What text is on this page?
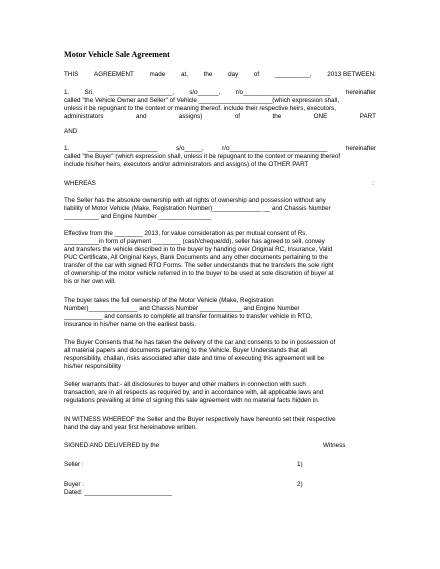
Motor Vehicle Sale Agreement
THIS AGREEMENT made at, the day of __________, 2013 BETWEEN:
1. Sri. __________________, s/o______, r/o_________________________ hereinafter
called "the Vehicle Owner and Seller" of Vehicle _____________________(which expression shall,
unless it be repugnant to the context or meaning thereof, include their respective heirs, executors,
administrators	and	assigns)	of	the	ONE	PART
AND
1.	____________________	s/o_____,	r/o____________________________	hereinafter
called "the Buyer" (which expression shall, unless it be repugnant to the context or meaning thereof
include his/her heirs, executors and/or administrators and assigns) of the OTHER PART
WHEREAS	:
The Seller has the absolute ownership with all rights of ownership and possession without any
liability of Motor Vehicle (Make, Registration Number)______________ __ and Chassis Number
__________ and Engine Number _______________
Effective from the ________ 2013, for value consideration as per mutual consent of Rs.
__________in form of payment ________ (cash/cheque/dd), seller has agreed to sell, convey
and transfers the vehicle described in to the buyer by handing over Original RC, Insurance, Valid
PUC Certificate, All Original Keys, Bank Documents and any other documents pertaining to the
transfer of the car with signed RTO Forms. The seller understands that he transfers the sole right
of ownership of the motor vehicle referred in to the buyer to be used at sole discretion of buyer at
his or her own will.
The buyer takes the full ownership of the Motor Vehicle (Make, Registration
Number)______________ and Chassis Number ____________ and Engine Number
___________ and consents to complete all transfer formalities to transfer vehicle in RTO,
Insurance in his/her name on the earliest basis.
The Buyer Consents that he has taken the delivery of the car and consents to be in possession of
all material papers and documents pertaining to the Vehicle. Buyer Understands that all
responsibility, challan, risks associated after date and time of executing this agreement will be
his/her responsibility
Seller warrants that:- all disclosures to buyer and other matters in connection with such
transaction, are in all respects as required by, and in accordance with, all applicable laws and
regulations prevailing at time of signing this sale agreement with no material facts hidden in.
IN WITNESS WHEREOF the Seller and the Buyer respectively have hereunto set their respective
hand the day and year first hereinabove written.
SIGNED AND DELIVERED by the	Witness
Seller :	1)
Buyer :	2)
Dated: _________________________
